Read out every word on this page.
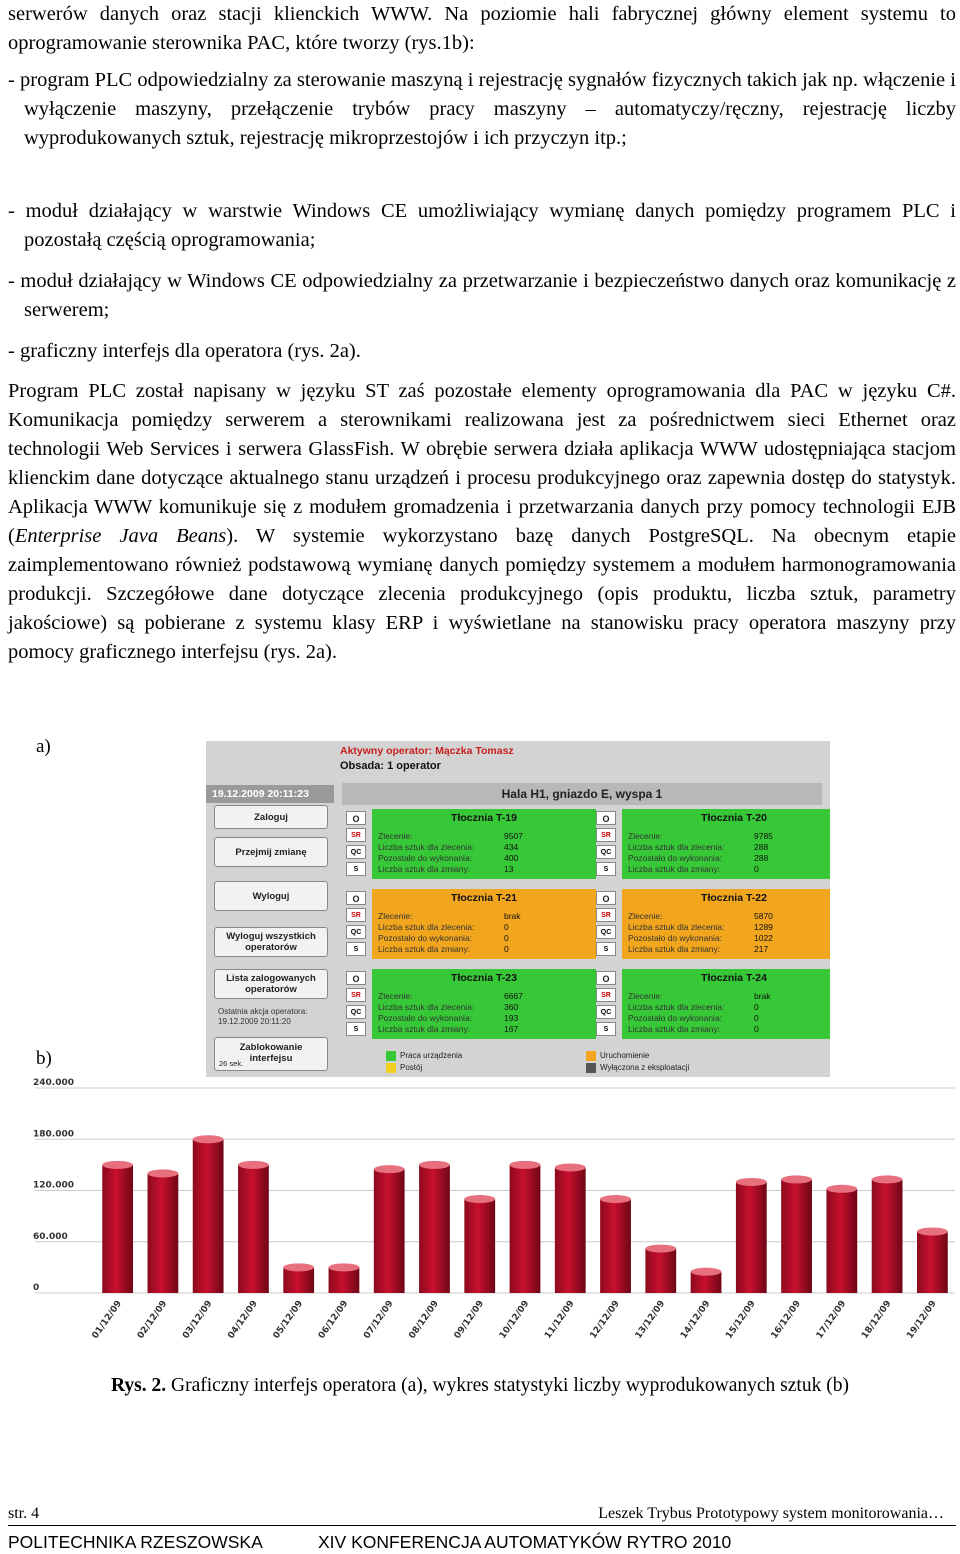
serwerów danych oraz stacji klienckich WWW. Na poziomie hali fabrycznej główny element systemu to oprogramowanie sterownika PAC, które tworzy (rys.1b):
- program PLC odpowiedzialny za sterowanie maszyną i rejestrację sygnałów fizycznych takich jak np. włączenie i wyłączenie maszyny, przełączenie trybów pracy maszyny – automatyczy/ręczny, rejestrację liczby wyprodukowanych sztuk, rejestrację mikroprzestojów i ich przyczyn itp.;
- moduł działający w warstwie Windows CE umożliwiający wymianę danych pomiędzy programem PLC i pozostałą częścią oprogramowania;
- moduł działający w Windows CE odpowiedzialny za przetwarzanie i bezpieczeństwo danych oraz komunikację z serwerem;
- graficzny interfejs dla operatora (rys. 2a).
Program PLC został napisany w języku ST zaś pozostałe elementy oprogramowania dla PAC w języku C#. Komunikacja pomiędzy serwerem a sterownikami realizowana jest za pośrednictwem sieci Ethernet oraz technologii Web Services i serwera GlassFish. W obrębie serwera działa aplikacja WWW udostępniająca stacjom klienckim dane dotyczące aktualnego stanu urządzeń i procesu produkcyjnego oraz zapewnia dostęp do statystyk. Aplikacja WWW komunikuje się z modułem gromadzenia i przetwarzania danych przy pomocy technologii EJB (Enterprise Java Beans). W systemie wykorzystano bazę danych PostgreSQL. Na obecnym etapie zaimplementowano również podstawową wymianę danych pomiędzy systemem a modułem harmonogramowania produkcji. Szczegółowe dane dotyczące zlecenia produkcyjnego (opis produktu, liczba sztuk, parametry jakościowe) są pobierane z systemu klasy ERP i wyświetlane na stanowisku pracy operatora maszyny przy pomocy graficznego interfejsu (rys. 2a).
a)
b)
Aktywny operator: Mączka Tomasz
Obsada: 1 operator
19.12.2009 20:11:23	Hala H1, gniazdo E, wyspa 1
Zaloguj
Przejmij zmianę
Wyloguj
Wyloguj wszystkich operatorów
Lista zalogowanych operatorów
Ostatnia akcja operatora:
19.12.2009 20:11:20
Zablokowanie interfejsu
26 sek.
O
SR
QC
S
Tłocznia T-19
Zlecenie:	9507
Liczba sztuk dla zlecenia:	434
Pozostało do wykonania:	400
Liczba sztuk dla zmiany:	13
O
SR
QC
S
Tłocznia T-20
Zlecenie:	9785
Liczba sztuk dla zlecenia:	288
Pozostało do wykonania:	288
Liczba sztuk dla zmiany:	0
O
SR
QC
S
Tłocznia T-21
Zlecenie:	brak
Liczba sztuk dla zlecenia:	0
Pozostało do wykonania:	0
Liczba sztuk dla zmiany:	0
O
SR
QC
S
Tłocznia T-22
Zlecenie:	5870
Liczba sztuk dla zlecenia:	1289
Pozostało do wykonania:	1022
Liczba sztuk dla zmiany:	217
O
SR
QC
S
Tłocznia T-23
Zlecenie:	6667
Liczba sztuk dla zlecenia:	360
Pozostało do wykonania:	193
Liczba sztuk dla zmiany:	167
O
SR
QC
S
Tłocznia T-24
Zlecenie:	brak
Liczba sztuk dla zlecenia:	0
Pozostało do wykonania:	0
Liczba sztuk dla zmiany:	0
Praca urządzenia
Postój
Uruchomienie
Wyłączona z eksploatacji
0
60.000
120.000
180.000
240.000
01/12/09 02/12/09 03/12/09 04/12/09 05/12/09 06/12/09 07/12/09 08/12/09 09/12/09 10/12/09 11/12/09 12/12/09 13/12/09 14/12/09 15/12/09 16/12/09 17/12/09 18/12/09 19/12/09
Rys. 2. Graficzny interfejs operatora (a), wykres statystyki liczby wyprodukowanych sztuk (b)
str. 4	Leszek Trybus Prototypowy system monitorowania…
POLITECHNIKA RZESZOWSKA	XIV KONFERENCJA AUTOMATYKÓW RYTRO 2010
